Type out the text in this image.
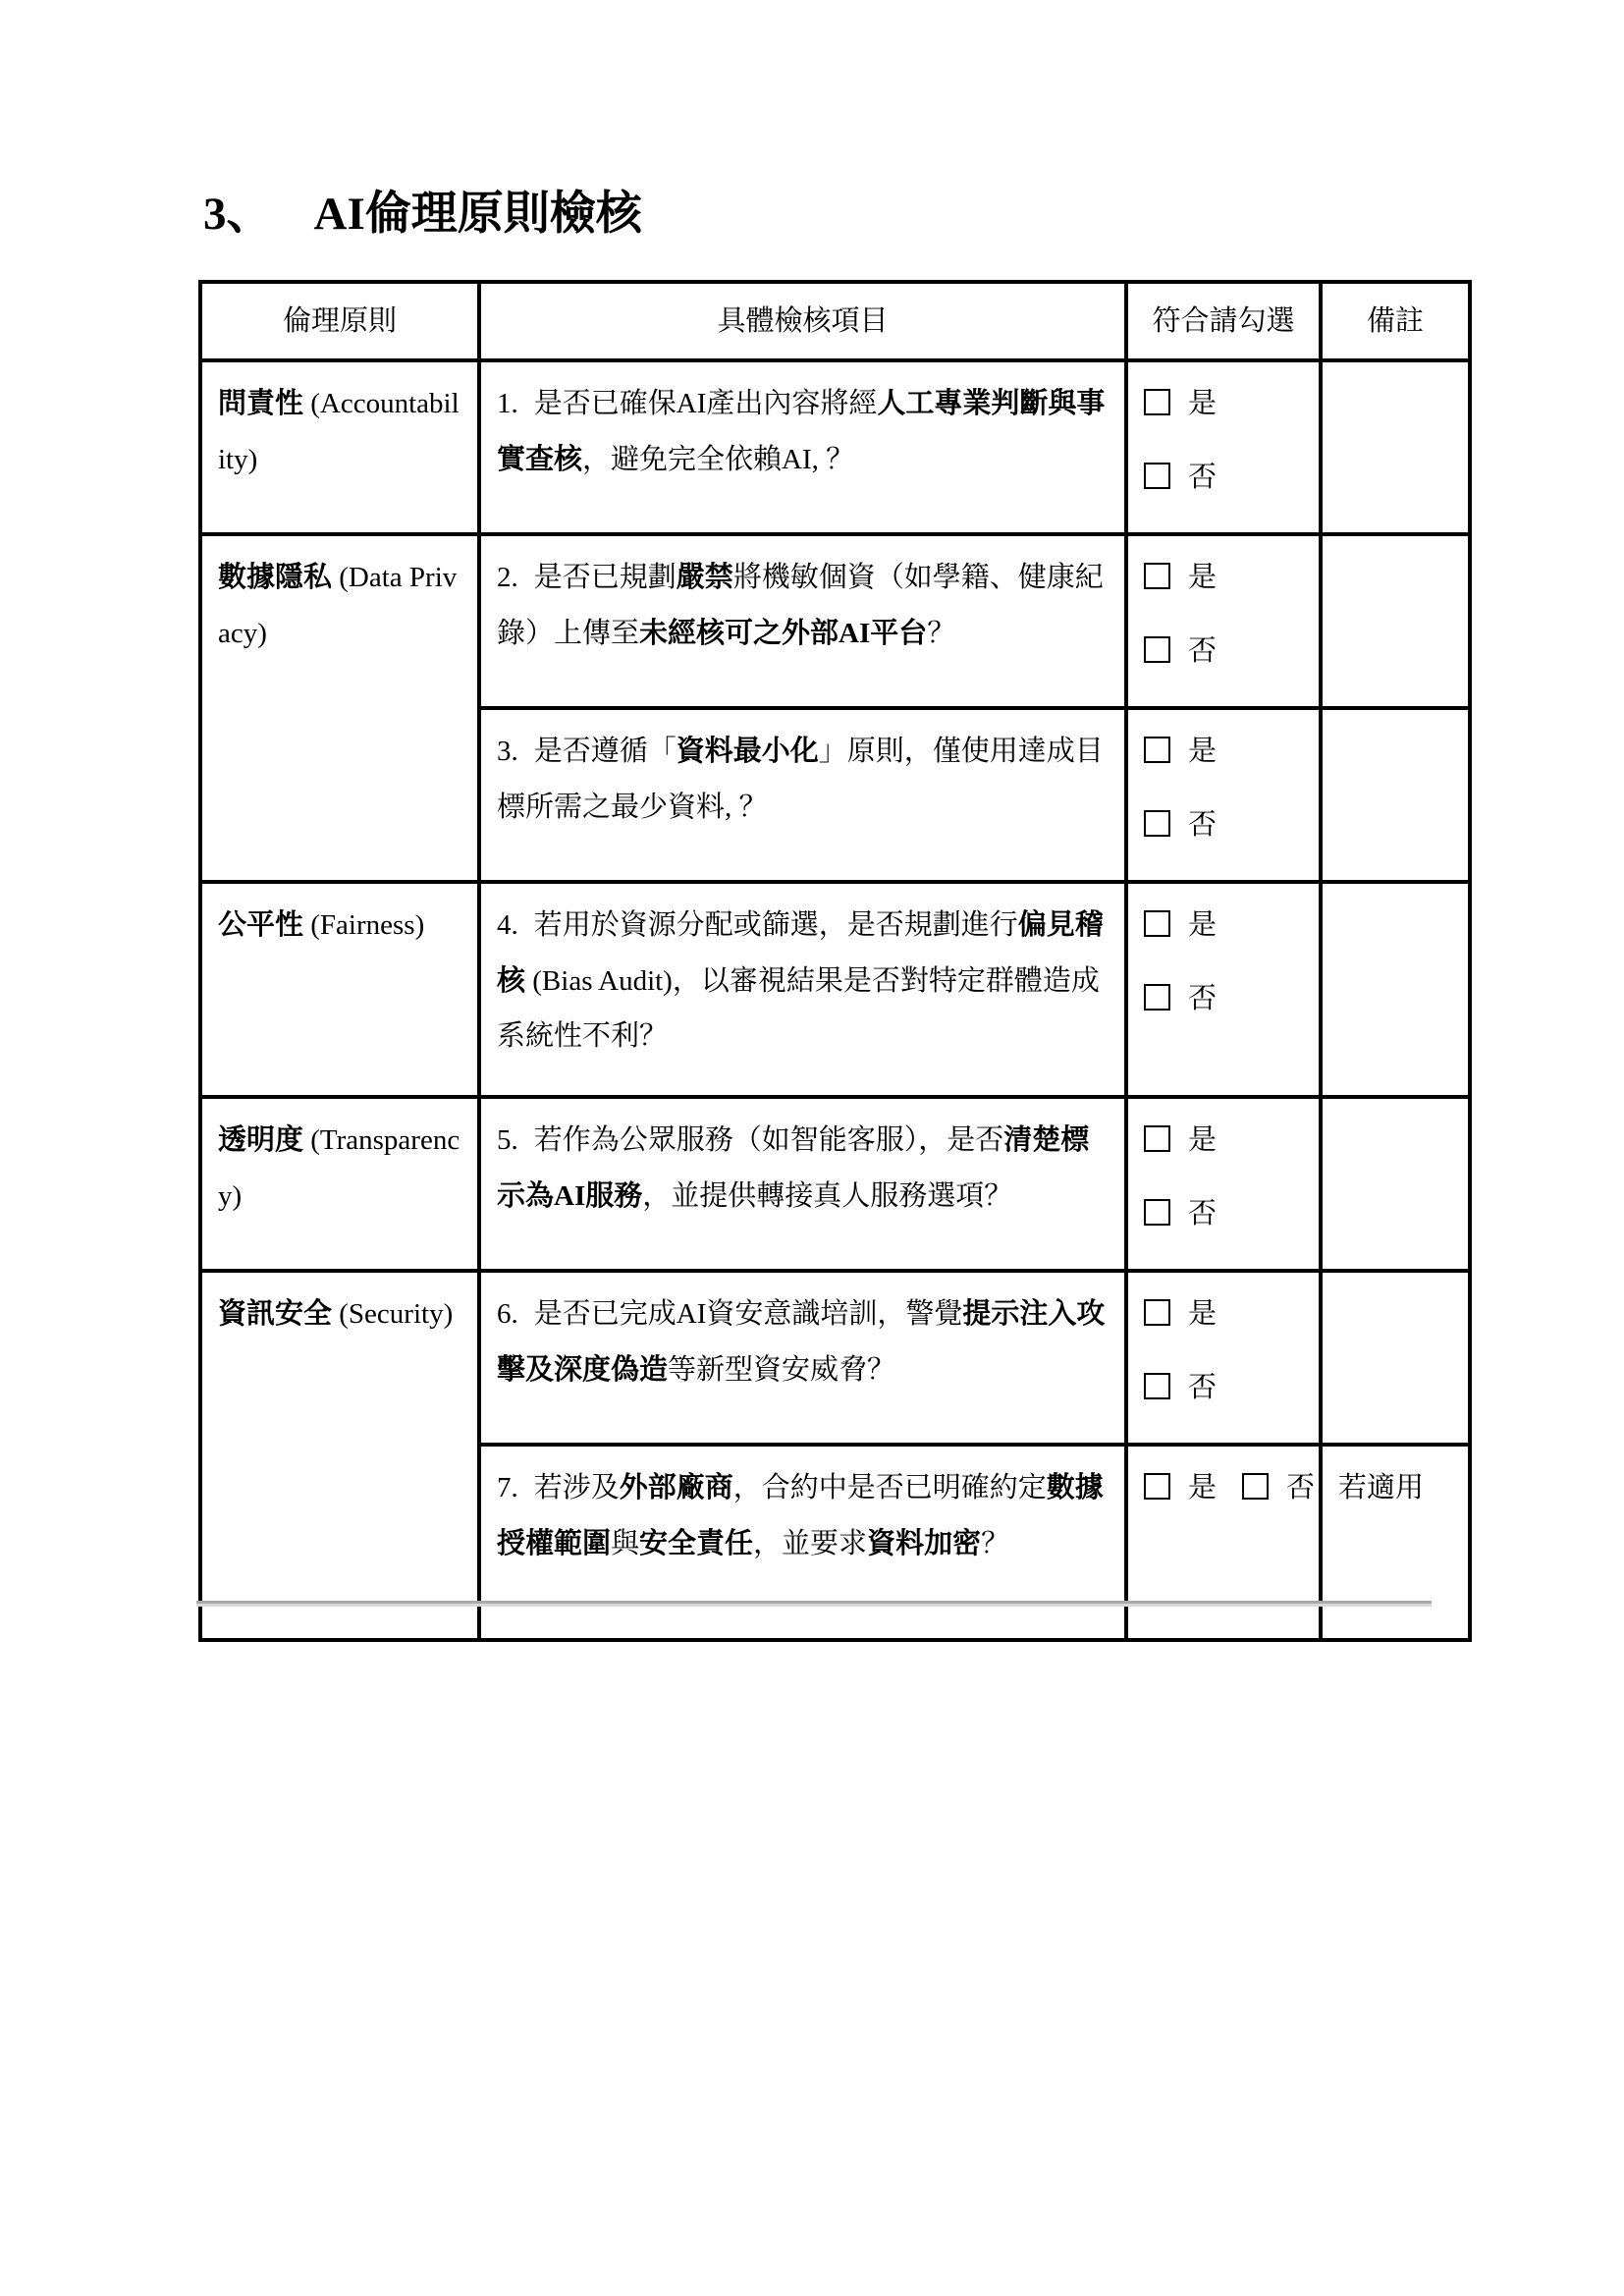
3、 AI倫理原則檢核
倫理原則	具體檢核項目	符合請勾選	備註
問責性 (Accountability)	1. 是否已確保AI產出內容將經人工專業判斷與事實查核，避免完全依賴AI, ？	是
否	

數據隱私 (Data Privacy)	2. 是否已規劃嚴禁將機敏個資（如學籍、健康紀錄）上傳至未經核可之外部AI平台？	是
否	

	3. 是否遵循「資料最小化」原則，僅使用達成目標所需之最少資料, ？	是
否	

公平性 (Fairness)	4. 若用於資源分配或篩選，是否規劃進行偏見稽核 (Bias Audit)，以審視結果是否對特定群體造成系統性不利？	是
否	

透明度 (Transparency)	5. 若作為公眾服務（如智能客服），是否清楚標示為AI服務，並提供轉接真人服務選項？	是
否	

資訊安全 (Security)	6. 是否已完成AI資安意識培訓，警覺提示注入攻擊及深度偽造等新型資安威脅？	是
否	

	7. 若涉及外部廠商，合約中是否已明確約定數據授權範圍與安全責任，並要求資料加密？	是 否	若適用
